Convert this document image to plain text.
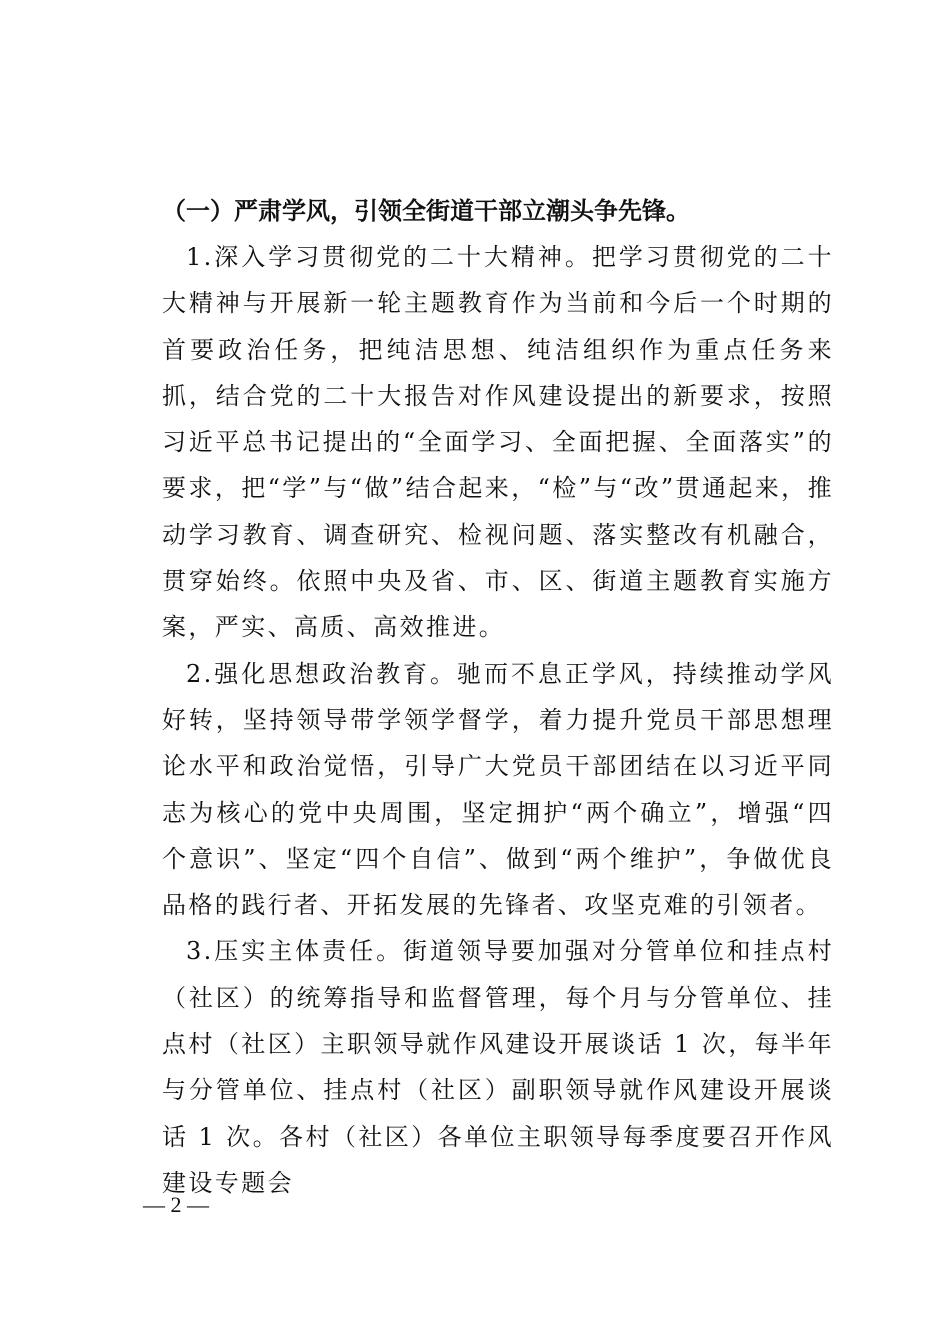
（一）严肃学风，引领全街道干部立潮头争先锋。

1.深入学习贯彻党的二十大精神。把学习贯彻党的二十大精神与开展新一轮主题教育作为当前和今后一个时期的首要政治任务，把纯洁思想、纯洁组织作为重点任务来抓，结合党的二十大报告对作风建设提出的新要求，按照习近平总书记提出的“全面学习、全面把握、全面落实”的要求，把“学”与“做”结合起来，“检”与“改”贯通起来，推动学习教育、调查研究、检视问题、落实整改有机融合，贯穿始终。依照中央及省、市、区、街道主题教育实施方案，严实、高质、高效推进。

2.强化思想政治教育。驰而不息正学风，持续推动学风好转，坚持领导带学领学督学，着力提升党员干部思想理论水平和政治觉悟，引导广大党员干部团结在以习近平同志为核心的党中央周围，坚定拥护“两个确立”，增强“四个意识”、坚定“四个自信”、做到“两个维护”，争做优良品格的践行者、开拓发展的先锋者、攻坚克难的引领者。

3.压实主体责任。街道领导要加强对分管单位和挂点村（社区）的统筹指导和监督管理，每个月与分管单位、挂点村（社区）主职领导就作风建设开展谈话 1 次，每半年与分管单位、挂点村（社区）副职领导就作风建设开展谈话 1 次。各村（社区）各单位主职领导每季度要召开作风建设专题会

— 2 —
